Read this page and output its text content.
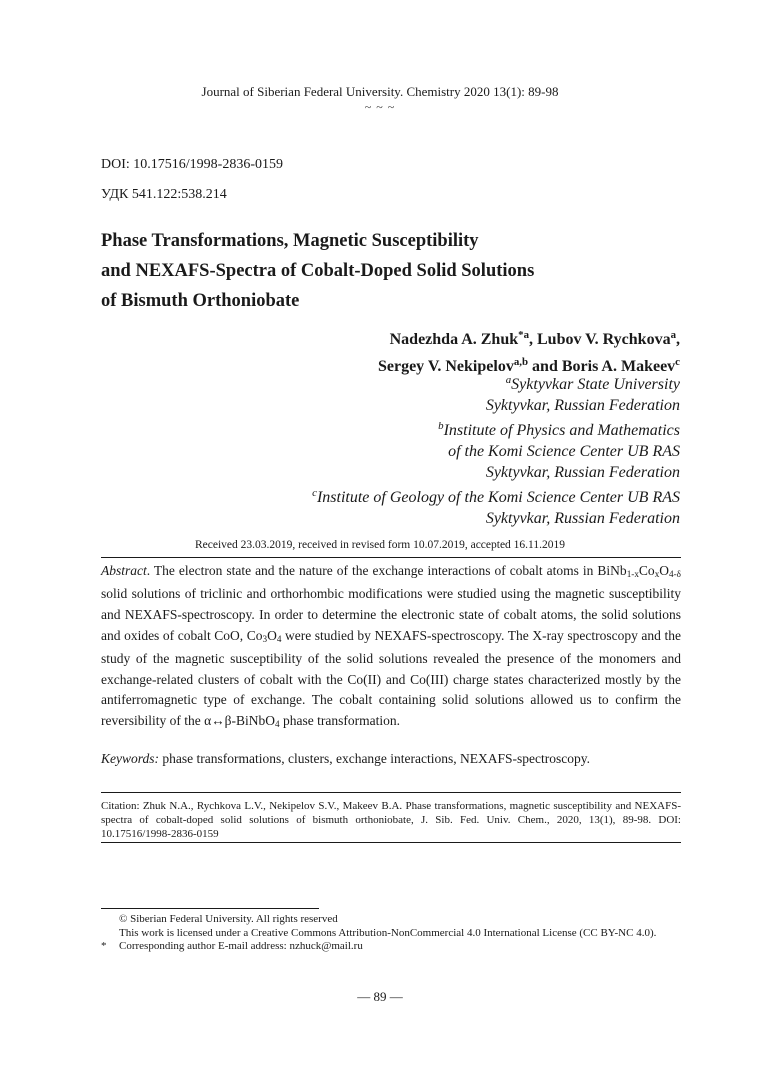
Journal of Siberian Federal University. Chemistry 2020 13(1): 89-98
~ ~ ~
DOI: 10.17516/1998-2836-0159
УДК 541.122:538.214
Phase Transformations, Magnetic Susceptibility
and NEXAFS-Spectra of Cobalt-Doped Solid Solutions
of Bismuth Orthoniobate
Nadezhda A. Zhuk$^{*a}$, Lubov V. Rychkova$^a$,
Sergey V. Nekipelov$^{a,b}$ and Boris A. Makeev$^c$
$^a$Syktyvkar State University
Syktyvkar, Russian Federation
$^b$Institute of Physics and Mathematics
of the Komi Science Center UB RAS
Syktyvkar, Russian Federation
$^c$Institute of Geology of the Komi Science Center UB RAS
Syktyvkar, Russian Federation
Received 23.03.2019, received in revised form 10.07.2019, accepted 16.11.2019
Abstract. The electron state and the nature of the exchange interactions of cobalt atoms in $BiNb_{1-x}Co_xO_{4-\delta}$ solid solutions of triclinic and orthorhombic modifications were studied using the magnetic susceptibility and NEXAFS-spectroscopy. In order to determine the electronic state of cobalt atoms, the solid solutions and oxides of cobalt CoO, $Co_3O_4$ were studied by NEXAFS-spectroscopy. The X-ray spectroscopy and the study of the magnetic susceptibility of the solid solutions revealed the presence of the monomers and exchange-related clusters of cobalt with the Co(II) and Co(III) charge states characterized mostly by the antiferromagnetic type of exchange. The cobalt containing solid solutions allowed us to confirm the reversibility of the α↔β-BiNbO$_4$ phase transformation.
Keywords: phase transformations, clusters, exchange interactions, NEXAFS-spectroscopy.
Citation: Zhuk N.A., Rychkova L.V., Nekipelov S.V., Makeev B.A. Phase transformations, magnetic susceptibility and NEXAFS-spectra of cobalt-doped solid solutions of bismuth orthoniobate, J. Sib. Fed. Univ. Chem., 2020, 13(1), 89-98. DOI: 10.17516/1998-2836-0159
© Siberian Federal University. All rights reserved
This work is licensed under a Creative Commons Attribution-NonCommercial 4.0 International License (CC BY-NC 4.0).
*	Corresponding author E-mail address: nzhuck@mail.ru
— 89 —
